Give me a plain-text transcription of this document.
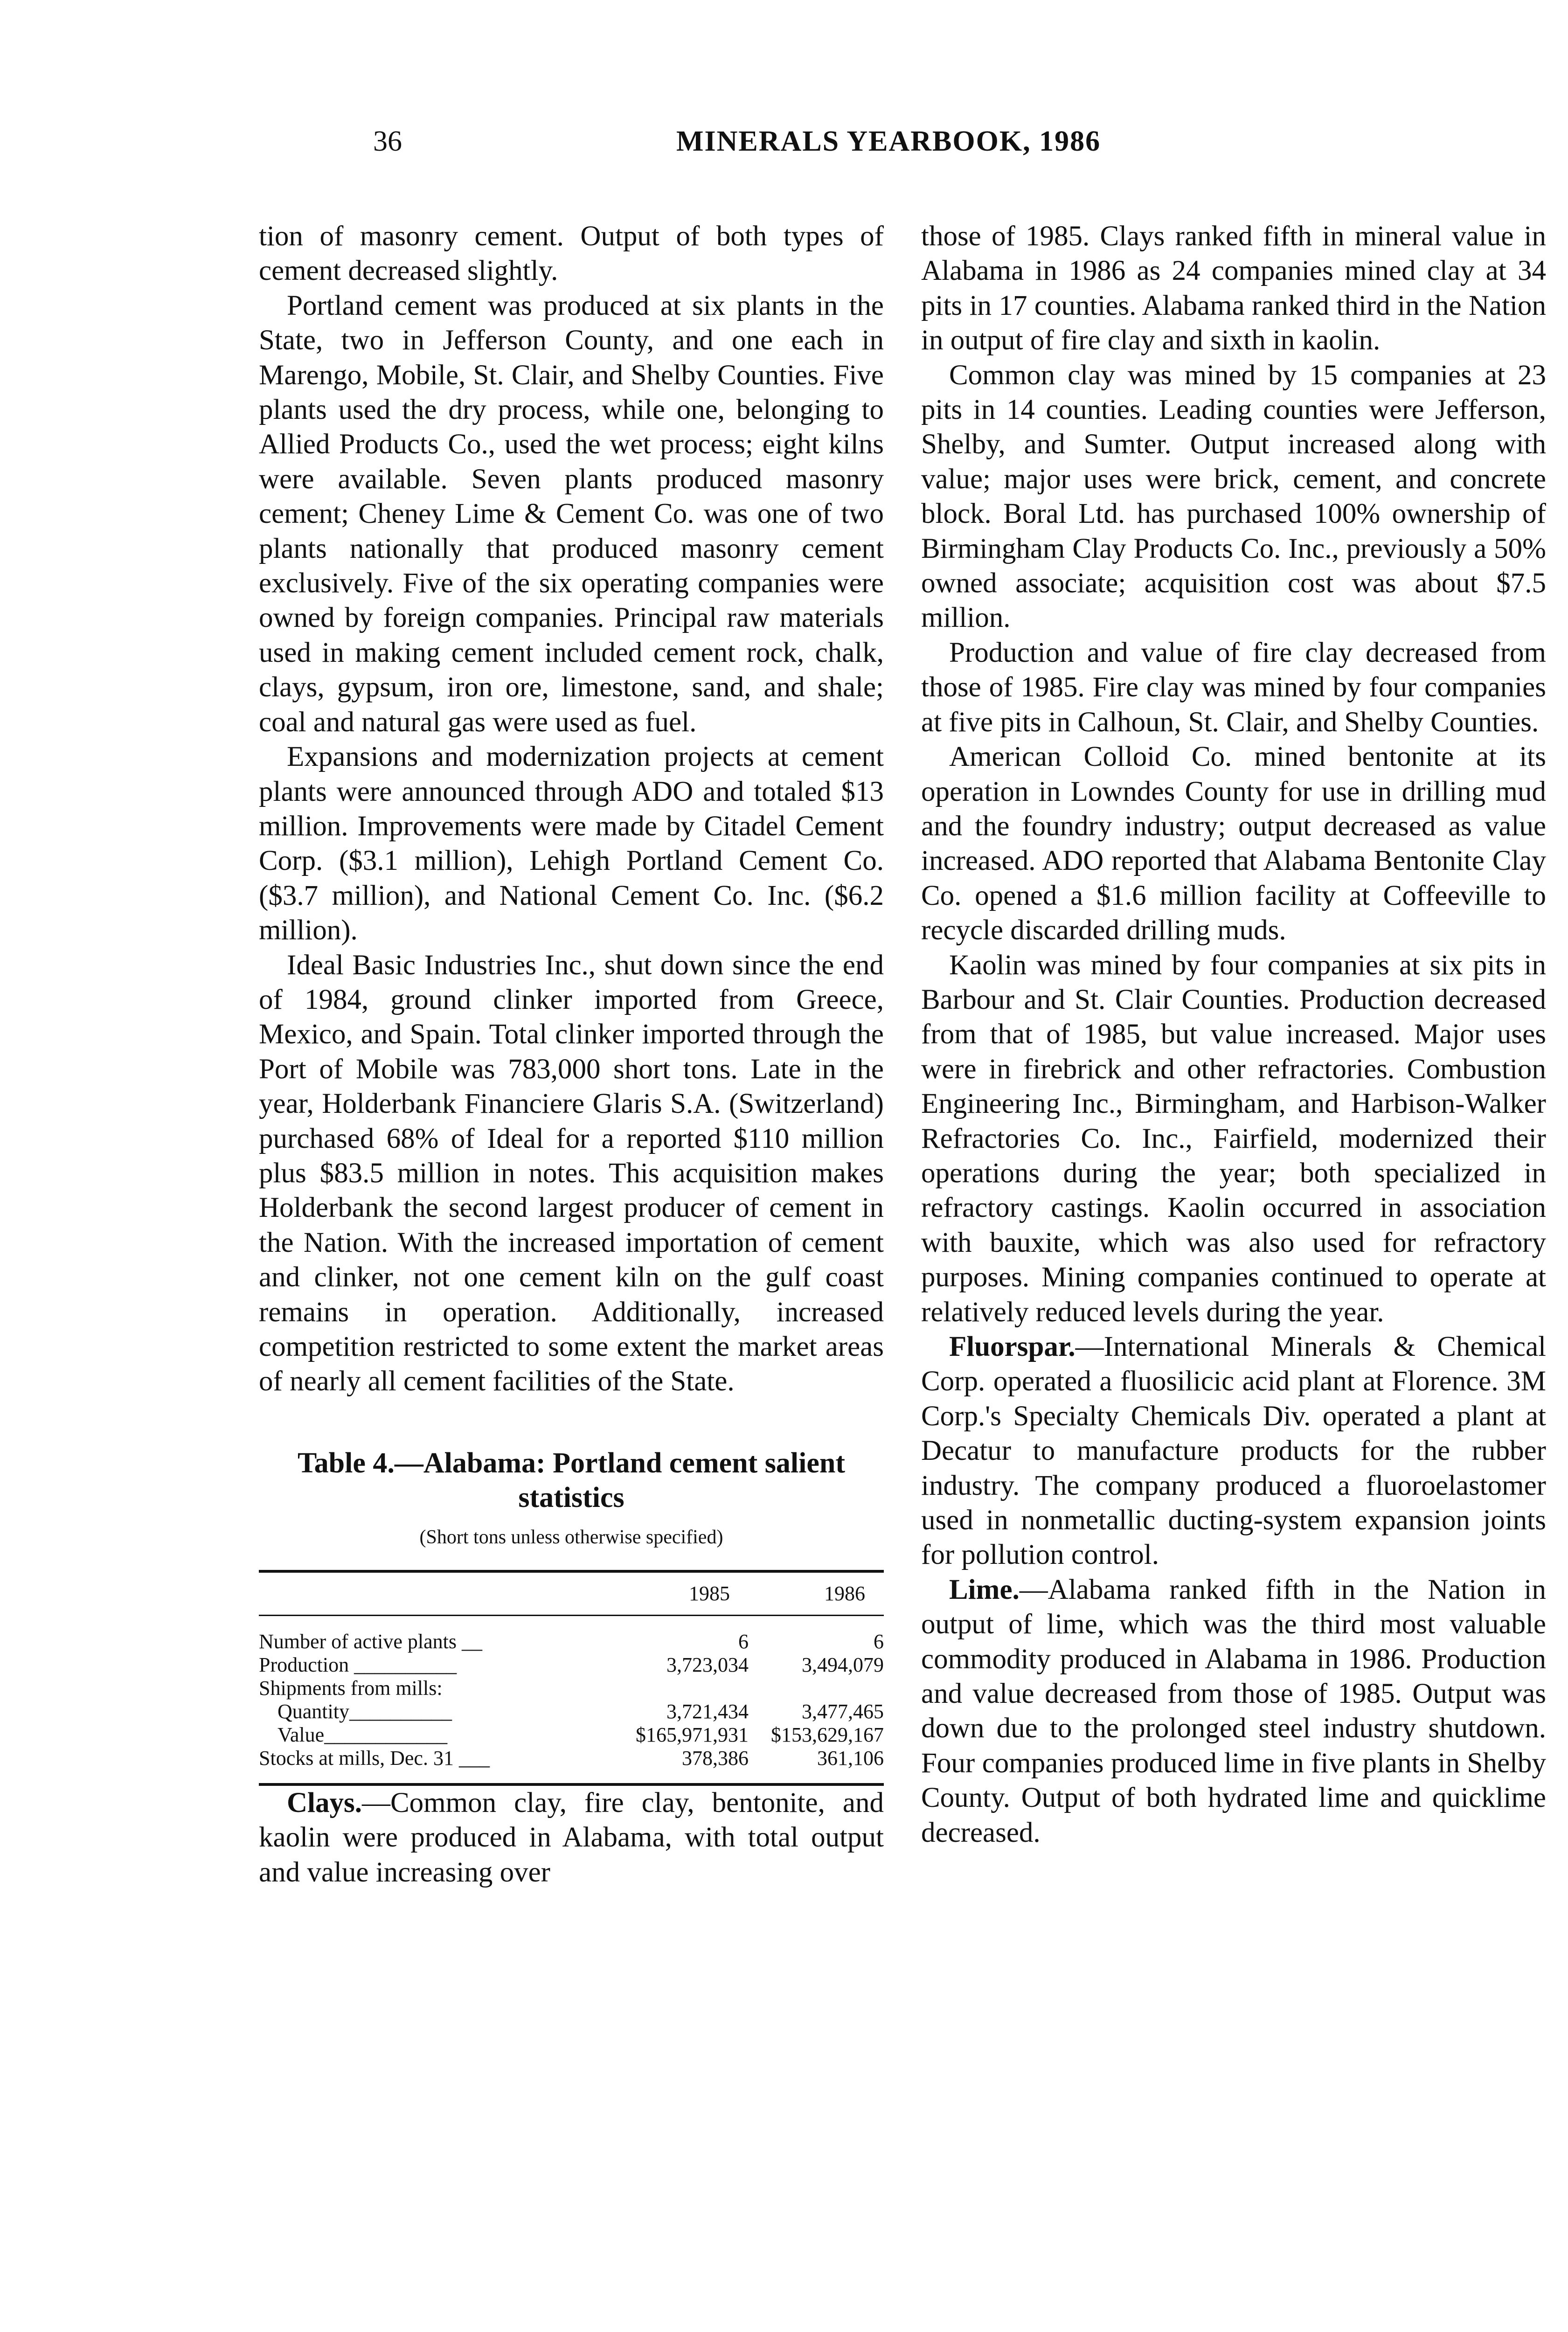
36	MINERALS YEARBOOK, 1986

tion of masonry cement. Output of both types of cement decreased slightly.

Portland cement was produced at six plants in the State, two in Jefferson County, and one each in Marengo, Mobile, St. Clair, and Shelby Counties. Five plants used the dry process, while one, belonging to Allied Products Co., used the wet process; eight kilns were available. Seven plants produced masonry cement; Cheney Lime & Cement Co. was one of two plants nationally that produced masonry cement exclusively. Five of the six operating companies were owned by foreign companies. Principal raw materials used in making cement included cement rock, chalk, clays, gypsum, iron ore, limestone, sand, and shale; coal and natural gas were used as fuel.

Expansions and modernization projects at cement plants were announced through ADO and totaled $13 million. Improvements were made by Citadel Cement Corp. ($3.1 million), Lehigh Portland Cement Co. ($3.7 million), and National Cement Co. Inc. ($6.2 million).

Ideal Basic Industries Inc., shut down since the end of 1984, ground clinker imported from Greece, Mexico, and Spain. Total clinker imported through the Port of Mobile was 783,000 short tons. Late in the year, Holderbank Financiere Glaris S.A. (Switzerland) purchased 68% of Ideal for a reported $110 million plus $83.5 million in notes. This acquisition makes Holderbank the second largest producer of cement in the Nation. With the increased importation of cement and clinker, not one cement kiln on the gulf coast remains in operation. Additionally, increased competition restricted to some extent the market areas of nearly all cement facilities of the State.

Table 4.—Alabama: Portland cement salient statistics
(Short tons unless otherwise specified)
1985	1986
Number of active plants __	6	6
Production __________	3,723,034	3,494,079
Shipments from mills:
Quantity__________	3,721,434	3,477,465
Value____________	$165,971,931	$153,629,167
Stocks at mills, Dec. 31 ___	378,386	361,106

Clays.—Common clay, fire clay, bentonite, and kaolin were produced in Alabama, with total output and value increasing over

those of 1985. Clays ranked fifth in mineral value in Alabama in 1986 as 24 companies mined clay at 34 pits in 17 counties. Alabama ranked third in the Nation in output of fire clay and sixth in kaolin.

Common clay was mined by 15 companies at 23 pits in 14 counties. Leading counties were Jefferson, Shelby, and Sumter. Output increased along with value; major uses were brick, cement, and concrete block. Boral Ltd. has purchased 100% ownership of Birmingham Clay Products Co. Inc., previously a 50% owned associate; acquisition cost was about $7.5 million.

Production and value of fire clay decreased from those of 1985. Fire clay was mined by four companies at five pits in Calhoun, St. Clair, and Shelby Counties.

American Colloid Co. mined bentonite at its operation in Lowndes County for use in drilling mud and the foundry industry; output decreased as value increased. ADO reported that Alabama Bentonite Clay Co. opened a $1.6 million facility at Coffeeville to recycle discarded drilling muds.

Kaolin was mined by four companies at six pits in Barbour and St. Clair Counties. Production decreased from that of 1985, but value increased. Major uses were in firebrick and other refractories. Combustion Engineering Inc., Birmingham, and Harbison-Walker Refractories Co. Inc., Fairfield, modernized their operations during the year; both specialized in refractory castings. Kaolin occurred in association with bauxite, which was also used for refractory purposes. Mining companies continued to operate at relatively reduced levels during the year.

Fluorspar.—International Minerals & Chemical Corp. operated a fluosilicic acid plant at Florence. 3M Corp.'s Specialty Chemicals Div. operated a plant at Decatur to manufacture products for the rubber industry. The company produced a fluoroelastomer used in nonmetallic ducting-system expansion joints for pollution control.

Lime.—Alabama ranked fifth in the Nation in output of lime, which was the third most valuable commodity produced in Alabama in 1986. Production and value decreased from those of 1985. Output was down due to the prolonged steel industry shutdown. Four companies produced lime in five plants in Shelby County. Output of both hydrated lime and quicklime decreased.
